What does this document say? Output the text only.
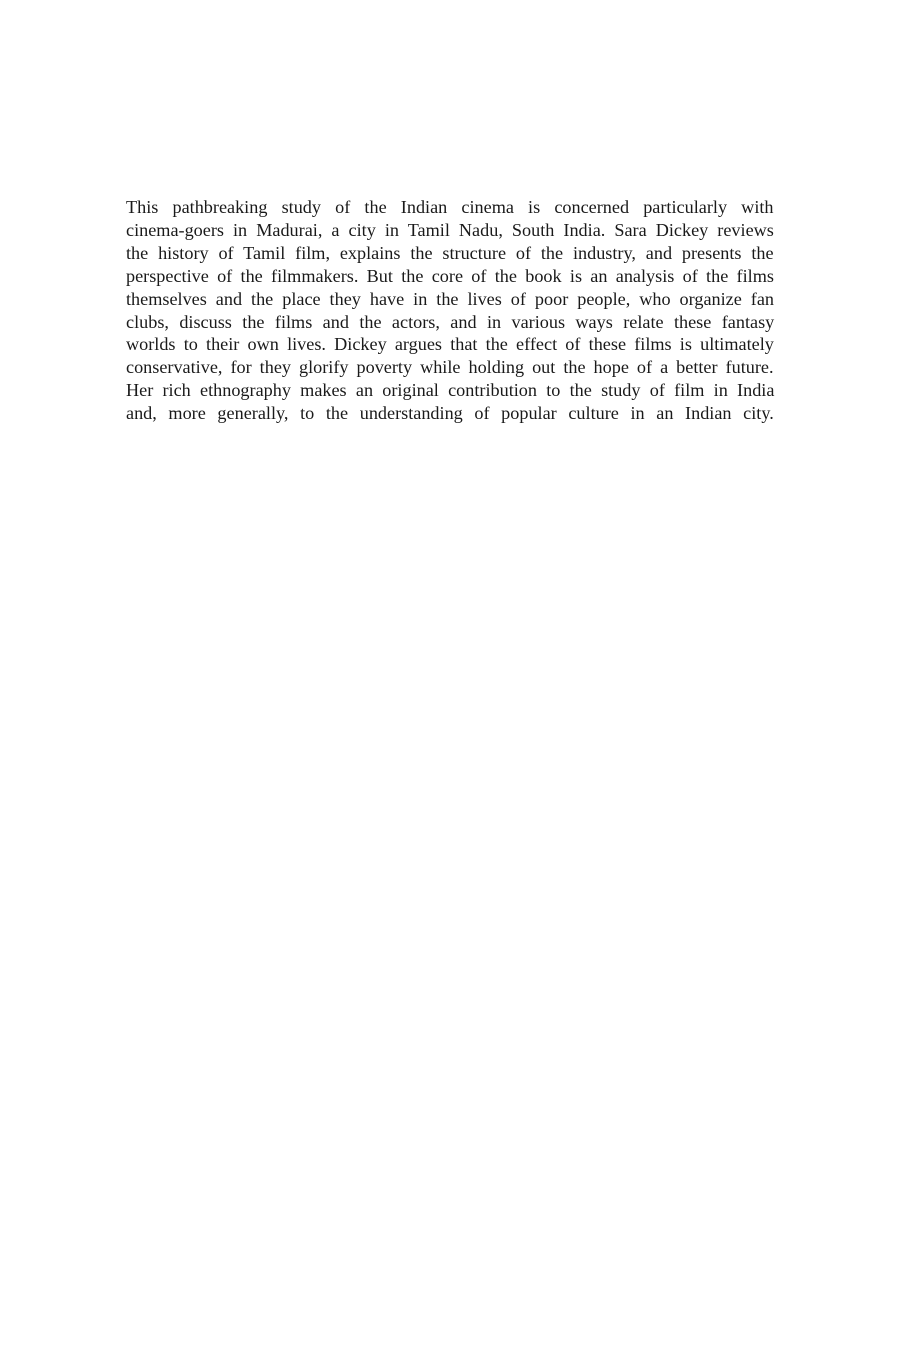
This pathbreaking study of the Indian cinema is concerned particularly with
cinema-goers in Madurai, a city in Tamil Nadu, South India. Sara Dickey reviews
the history of Tamil film, explains the structure of the industry, and presents the
perspective of the filmmakers. But the core of the book is an analysis of the films
themselves and the place they have in the lives of poor people, who organize fan
clubs, discuss the films and the actors, and in various ways relate these fantasy
worlds to their own lives. Dickey argues that the effect of these films is ultimately
conservative, for they glorify poverty while holding out the hope of a better future.
Her rich ethnography makes an original contribution to the study of film in India
and, more generally, to the understanding of popular culture in an Indian city.
